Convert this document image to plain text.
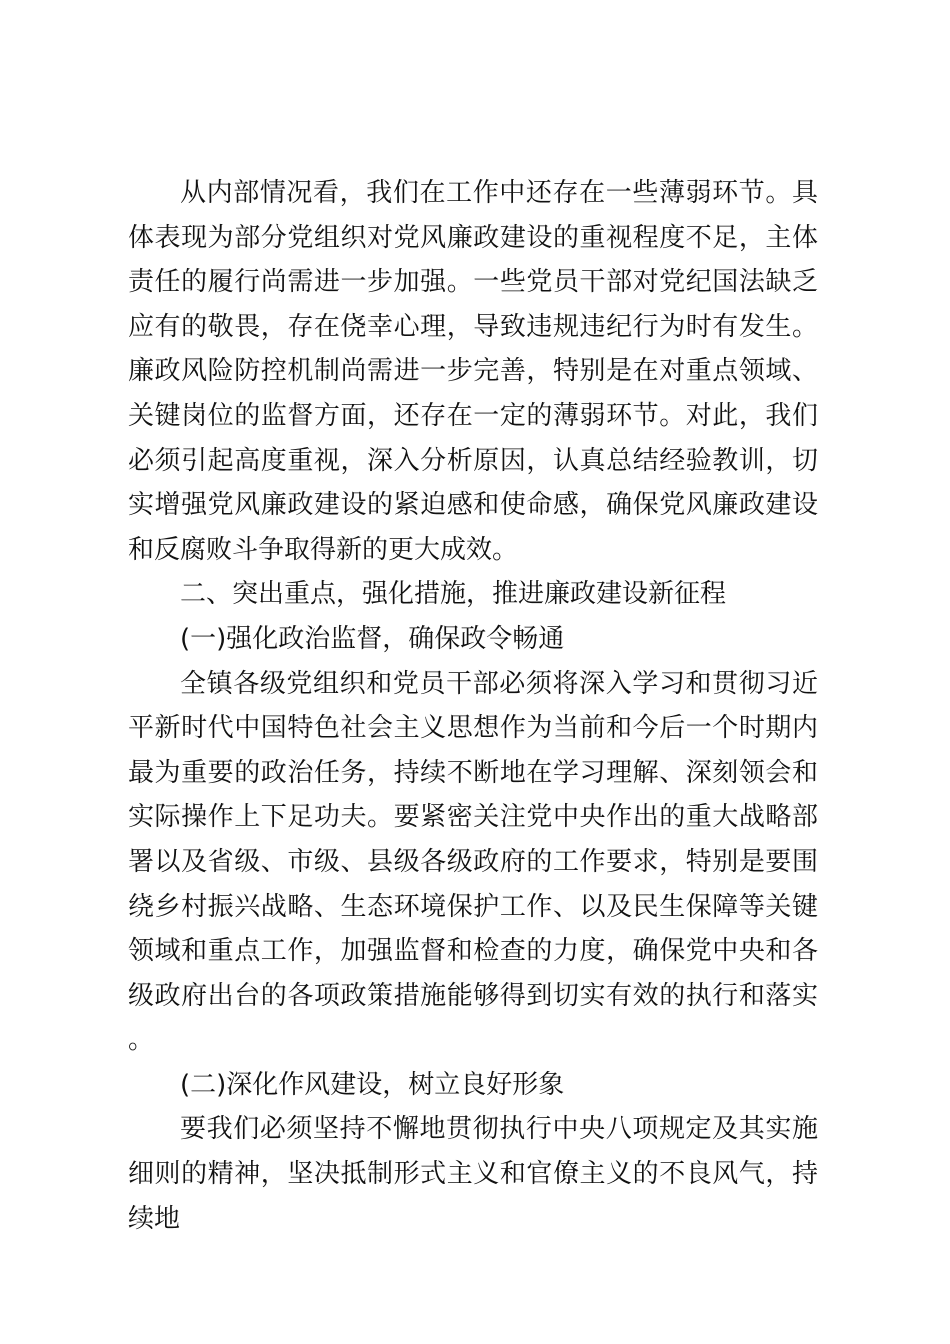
从内部情况看，我们在工作中还存在一些薄弱环节。具体表现为部分党组织对党风廉政建设的重视程度不足，主体责任的履行尚需进一步加强。一些党员干部对党纪国法缺乏应有的敬畏，存在侥幸心理，导致违规违纪行为时有发生。廉政风险防控机制尚需进一步完善，特别是在对重点领域、关键岗位的监督方面，还存在一定的薄弱环节。对此，我们必须引起高度重视，深入分析原因，认真总结经验教训，切实增强党风廉政建设的紧迫感和使命感，确保党风廉政建设和反腐败斗争取得新的更大成效。

二、突出重点，强化措施，推进廉政建设新征程

(一)强化政治监督，确保政令畅通

全镇各级党组织和党员干部必须将深入学习和贯彻习近平新时代中国特色社会主义思想作为当前和今后一个时期内最为重要的政治任务，持续不断地在学习理解、深刻领会和实际操作上下足功夫。要紧密关注党中央作出的重大战略部署以及省级、市级、县级各级政府的工作要求，特别是要围绕乡村振兴战略、生态环境保护工作、以及民生保障等关键领域和重点工作，加强监督和检查的力度，确保党中央和各级政府出台的各项政策措施能够得到切实有效的执行和落实。

(二)深化作风建设，树立良好形象

要我们必须坚持不懈地贯彻执行中央八项规定及其实施细则的精神，坚决抵制形式主义和官僚主义的不良风气，持续地
